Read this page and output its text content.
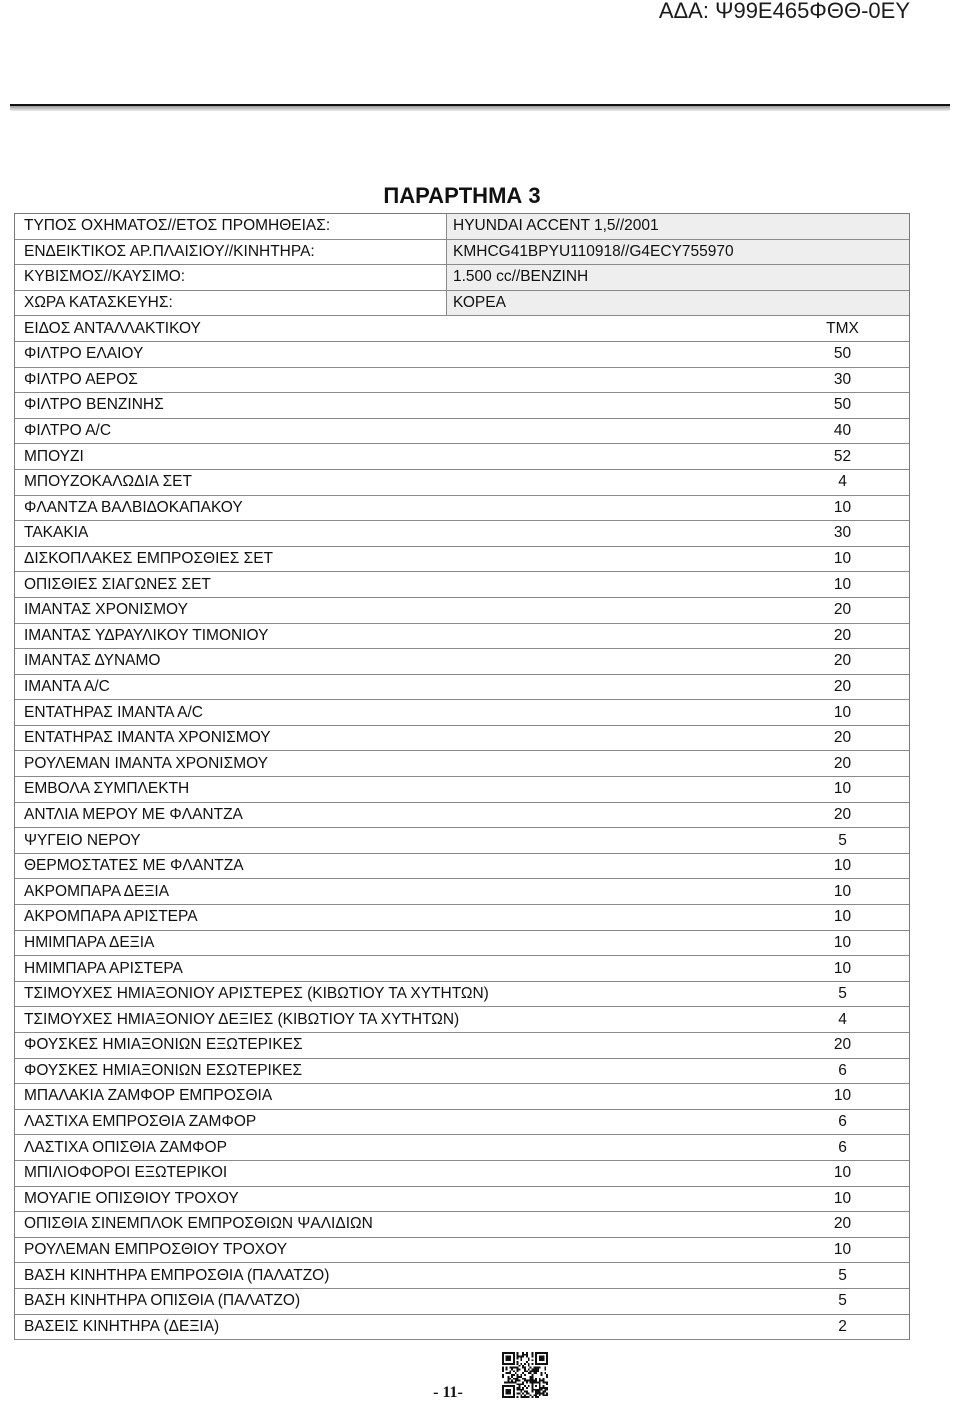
ΑΔΑ: Ψ99Ε465ΦΘΘ-0ΕΥ
ΠΑΡΑΡΤΗΜΑ 3
ΤΥΠΟΣ ΟΧΗΜΑΤΟΣ//ΕΤΟΣ ΠΡΟΜΗΘΕΙΑΣ:	HYUNDAI ACCENT 1,5//2001
ΕΝΔΕΙΚΤΙΚΟΣ ΑΡ.ΠΛΑΙΣΙΟΥ//ΚΙΝΗΤΗΡΑ:	KMHCG41BPYU110918//G4ECY755970
ΚΥΒΙΣΜΟΣ//ΚΑΥΣΙΜΟ:	1.500 cc//ΒΕΝΖΙΝΗ
ΧΩΡΑ ΚΑΤΑΣΚΕΥΗΣ:	ΚΟΡΕΑ
ΕΙΔΟΣ ΑΝΤΑΛΛΑΚΤΙΚΟΥ	ΤΜΧ
ΦΙΛΤΡΟ ΕΛΑΙΟΥ	50
ΦΙΛΤΡΟ ΑΕΡΟΣ	30
ΦΙΛΤΡΟ ΒΕΝΖΙΝΗΣ	50
ΦΙΛΤΡΟ Α/C	40
ΜΠΟΥΖΙ	52
ΜΠΟΥΖΟΚΑΛΩΔΙΑ ΣΕΤ	4
ΦΛΑΝΤΖΑ ΒΑΛΒΙΔΟΚΑΠΑΚΟΥ	10
ΤΑΚΑΚΙΑ	30
ΔΙΣΚΟΠΛΑΚΕΣ ΕΜΠΡΟΣΘΙΕΣ ΣΕΤ	10
ΟΠΙΣΘΙΕΣ ΣΙΑΓΩΝΕΣ ΣΕΤ	10
ΙΜΑΝΤΑΣ ΧΡΟΝΙΣΜΟΥ	20
ΙΜΑΝΤΑΣ ΥΔΡΑΥΛΙΚΟΥ ΤΙΜΟΝΙΟΥ	20
ΙΜΑΝΤΑΣ ΔΥΝΑΜΟ	20
ΙΜΑΝΤΑ Α/C	20
ΕΝΤΑΤΗΡΑΣ ΙΜΑΝΤΑ Α/C	10
ΕΝΤΑΤΗΡΑΣ ΙΜΑΝΤΑ ΧΡΟΝΙΣΜΟΥ	20
ΡΟΥΛΕΜΑΝ ΙΜΑΝΤΑ ΧΡΟΝΙΣΜΟΥ	20
ΕΜΒΟΛΑ ΣΥΜΠΛΕΚΤΗ	10
ΑΝΤΛΙΑ ΜΕΡΟΥ ΜΕ ΦΛΑΝΤΖΑ	20
ΨΥΓΕΙΟ ΝΕΡΟΥ	5
ΘΕΡΜΟΣΤΑΤΕΣ ΜΕ ΦΛΑΝΤΖΑ	10
ΑΚΡΟΜΠΑΡΑ ΔΕΞΙΑ	10
ΑΚΡΟΜΠΑΡΑ ΑΡΙΣΤΕΡΑ	10
ΗΜΙΜΠΑΡΑ ΔΕΞΙΑ	10
ΗΜΙΜΠΑΡΑ ΑΡΙΣΤΕΡΑ	10
ΤΣΙΜΟΥΧΕΣ ΗΜΙΑΞΟΝΙΟΥ ΑΡΙΣΤΕΡΕΣ (ΚΙΒΩΤΙΟΥ ΤΑ ΧΥΤΗΤΩΝ)	5
ΤΣΙΜΟΥΧΕΣ ΗΜΙΑΞΟΝΙΟΥ ΔΕΞΙΕΣ (ΚΙΒΩΤΙΟΥ ΤΑ ΧΥΤΗΤΩΝ)	4
ΦΟΥΣΚΕΣ ΗΜΙΑΞΟΝΙΩΝ ΕΞΩΤΕΡΙΚΕΣ	20
ΦΟΥΣΚΕΣ ΗΜΙΑΞΟΝΙΩΝ ΕΣΩΤΕΡΙΚΕΣ	6
ΜΠΑΛΑΚΙΑ ΖΑΜΦΟΡ ΕΜΠΡΟΣΘΙΑ	10
ΛΑΣΤΙΧΑ ΕΜΠΡΟΣΘΙΑ ΖΑΜΦΟΡ	6
ΛΑΣΤΙΧΑ ΟΠΙΣΘΙΑ ΖΑΜΦΟΡ	6
ΜΠΙΛΙΟΦΟΡΟΙ ΕΞΩΤΕΡΙΚΟΙ	10
ΜΟΥΑΓΙΕ ΟΠΙΣΘΙΟΥ ΤΡΟΧΟΥ	10
ΟΠΙΣΘΙΑ ΣΙΝΕΜΠΛΟΚ ΕΜΠΡΟΣΘΙΩΝ ΨΑΛΙΔΙΩΝ	20
ΡΟΥΛΕΜΑΝ ΕΜΠΡΟΣΘΙΟΥ ΤΡΟΧΟΥ	10
ΒΑΣΗ ΚΙΝΗΤΗΡΑ ΕΜΠΡΟΣΘΙΑ (ΠΑΛΑΤΖΟ)	5
ΒΑΣΗ ΚΙΝΗΤΗΡΑ ΟΠΙΣΘΙΑ (ΠΑΛΑΤΖΟ)	5
ΒΑΣΕΙΣ ΚΙΝΗΤΗΡΑ (ΔΕΞΙΑ)	2
- 11-
